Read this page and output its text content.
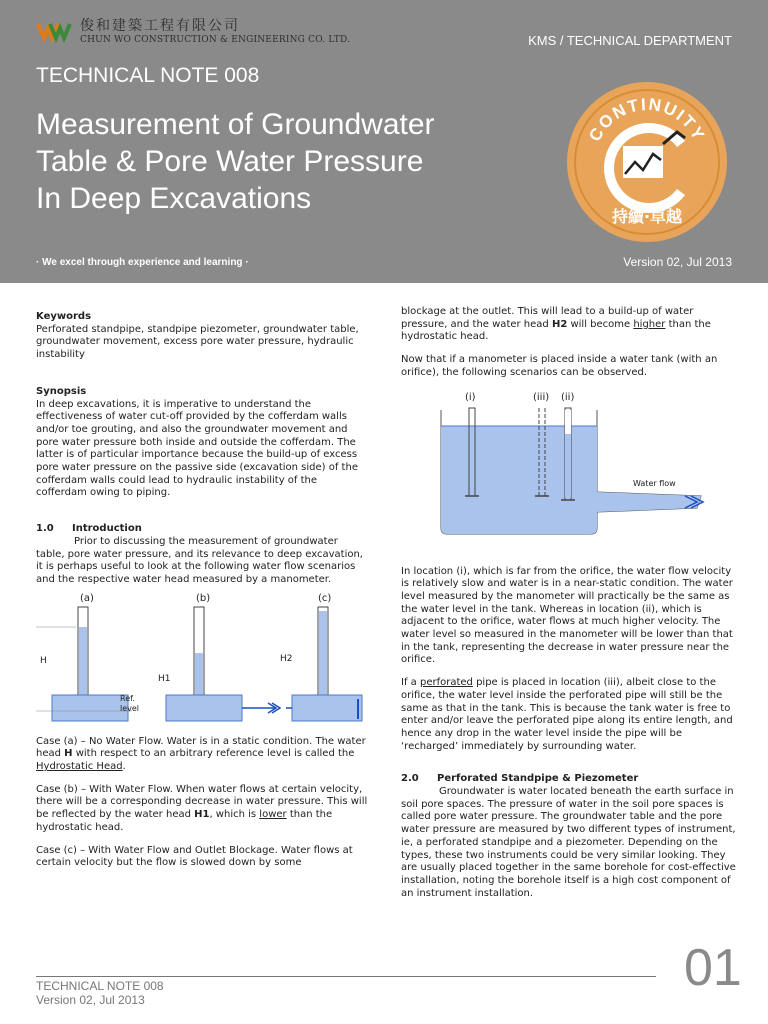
俊和建築工程有限公司
CHUN WO CONSTRUCTION & ENGINEERING CO. LTD.	KMS / TECHNICAL DEPARTMENT
TECHNICAL NOTE 008
Measurement of Groundwater
Table & Pore Water Pressure
In Deep Excavations
· We excel through experience and learning ·	Version 02, Jul 2013
CONTINUITY
持續·卓越

Keywords

Perforated standpipe, standpipe piezometer, groundwater table, groundwater movement, excess pore water pressure, hydraulic instability

Synopsis

In deep excavations, it is imperative to understand the effectiveness of water cut-off provided by the cofferdam walls and/or toe grouting, and also the groundwater movement and pore water pressure both inside and outside the cofferdam. The latter is of particular importance because the build-up of excess pore water pressure on the passive side (excavation side) of the cofferdam walls could lead to hydraulic instability of the cofferdam owing to piping.

1.0 Introduction

Prior to discussing the measurement of groundwater table, pore water pressure, and its relevance to deep excavation, it is perhaps useful to look at the following water flow scenarios and the respective water head measured by a manometer.

(a)
H
Ref.
level
(b)
H1
(c)
H2

Case (a) – No Water Flow. Water is in a static condition. The water head H with respect to an arbitrary reference level is called the Hydrostatic Head.

Case (b) – With Water Flow. When water flows at certain velocity, there will be a corresponding decrease in water pressure. This will be reflected by the water head H1, which is lower than the hydrostatic head.

Case (c) – With Water Flow and Outlet Blockage. Water flows at certain velocity but the flow is slowed down by some

blockage at the outlet. This will lead to a build-up of water pressure, and the water head H2 will become higher than the hydrostatic head.

Now that if a manometer is placed inside a water tank (with an orifice), the following scenarios can be observed.

(i)	(iii) (ii)
Water flow

In location (i), which is far from the orifice, the water flow velocity is relatively slow and water is in a near-static condition. The water level measured by the manometer will practically be the same as the water level in the tank. Whereas in location (ii), which is adjacent to the orifice, water flows at much higher velocity. The water level so measured in the manometer will be lower than that in the tank, representing the decrease in water pressure near the orifice.

If a perforated pipe is placed in location (iii), albeit close to the orifice, the water level inside the perforated pipe will still be the same as that in the tank. This is because the tank water is free to enter and/or leave the perforated pipe along its entire length, and hence any drop in the water level inside the pipe will be ‘recharged’ immediately by surrounding water.

2.0 Perforated Standpipe & Piezometer

Groundwater is water located beneath the earth surface in soil pore spaces. The pressure of water in the soil pore spaces is called pore water pressure. The groundwater table and the pore water pressure are measured by two different types of instrument, ie, a perforated standpipe and a piezometer. Depending on the types, these two instruments could be very similar looking. They are usually placed together in the same borehole for cost-effective installation, noting the borehole itself is a high cost component of an instrument installation.

TECHNICAL NOTE 008
Version 02, Jul 2013
01
